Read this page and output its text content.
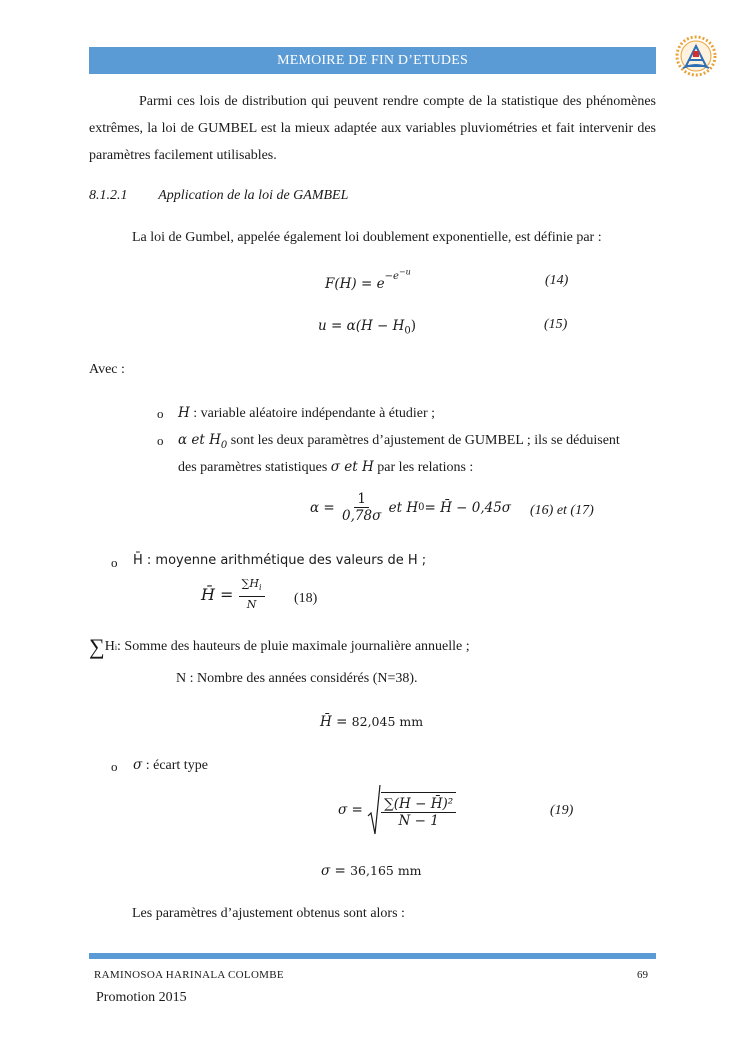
MEMOIRE DE FIN D’ETUDES
Parmi ces lois de distribution qui peuvent rendre compte de la statistique des phénomènes extrêmes, la loi de GUMBEL est la mieux adaptée aux variables pluviométries et fait intervenir des paramètres facilement utilisables.
8.1.2.1 Application de la loi de GAMBEL
La loi de Gumbel, appelée également loi doublement exponentielle, est définie par :
$F(H) = e^{-e^{-u}}$
(14)
$u = \alpha(H - H_0)$	(15)
Avec :
o H : variable aléatoire indépendante à étudier ;
o α et $H_0$ sont les deux paramètres d’ajustement de GUMBEL ; ils se déduisent
des paramètres statistiques σ et H par les relations :
α =
$\frac{1}{0,78\sigma}$
et H 0 = H̄ − 0,45σ (16) et (17)
o H̄ : moyenne arithmétique des valeurs de H ;
H̄ =
$\frac{\sum H_i}{N} (18)$
∑ H i : Somme des hauteurs de pluie maximale journalière annuelle ;
N : Nombre des années considérés (N=38).
H̄ = 82,045 mm
o σ : écart type
σ =
$\frac{\text{∑(H − H̄)²}}{N - 1}$	(19)
σ = 36,165 mm
Les paramètres d’ajustement obtenus sont alors :
RAMINOSOA HARINALA COLOMBE	69
Promotion 2015
